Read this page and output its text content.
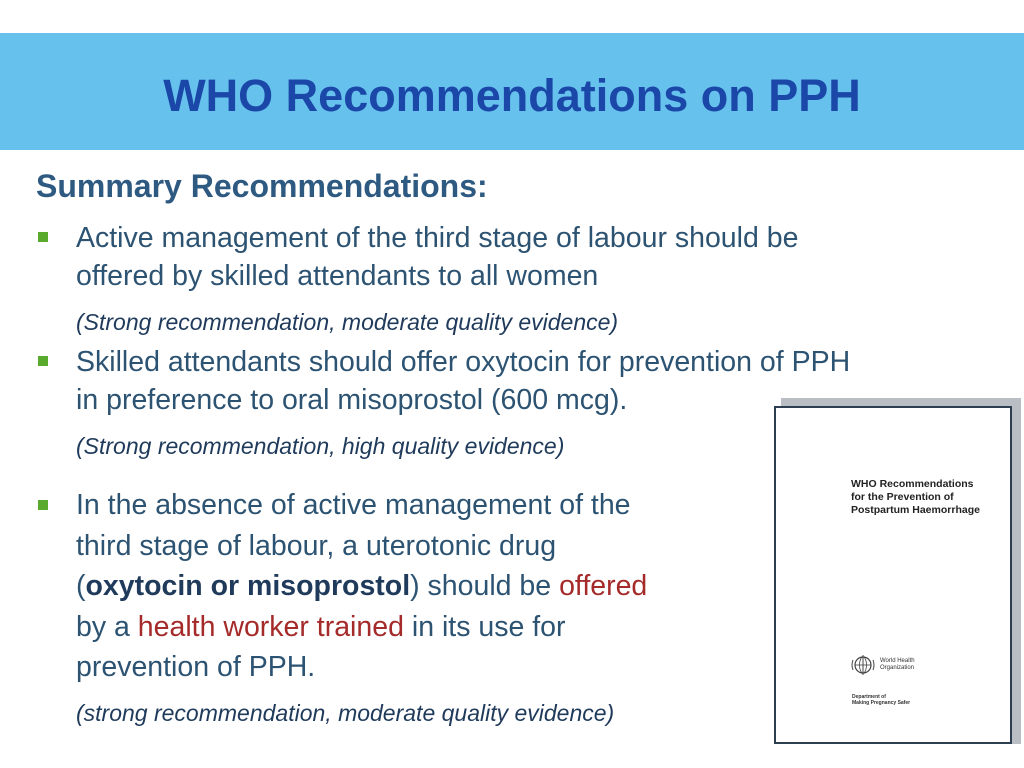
WHO Recommendations on PPH
Summary Recommendations:
Active management of the third stage of labour should be
offered by skilled attendants to all women
(Strong recommendation, moderate quality evidence)
Skilled attendants should offer oxytocin for prevention of PPH
in preference to oral misoprostol (600 mcg).
(Strong recommendation, high quality evidence)
In the absence of active management of the
third stage of labour, a uterotonic drug
(oxytocin or misoprostol) should be offered
by a health worker trained in its use for
prevention of PPH.
(strong recommendation, moderate quality evidence)
WHO Recommendations
for the Prevention of
Postpartum Haemorrhage
World Health
Organization
Department of
Making Pregnancy Safer
